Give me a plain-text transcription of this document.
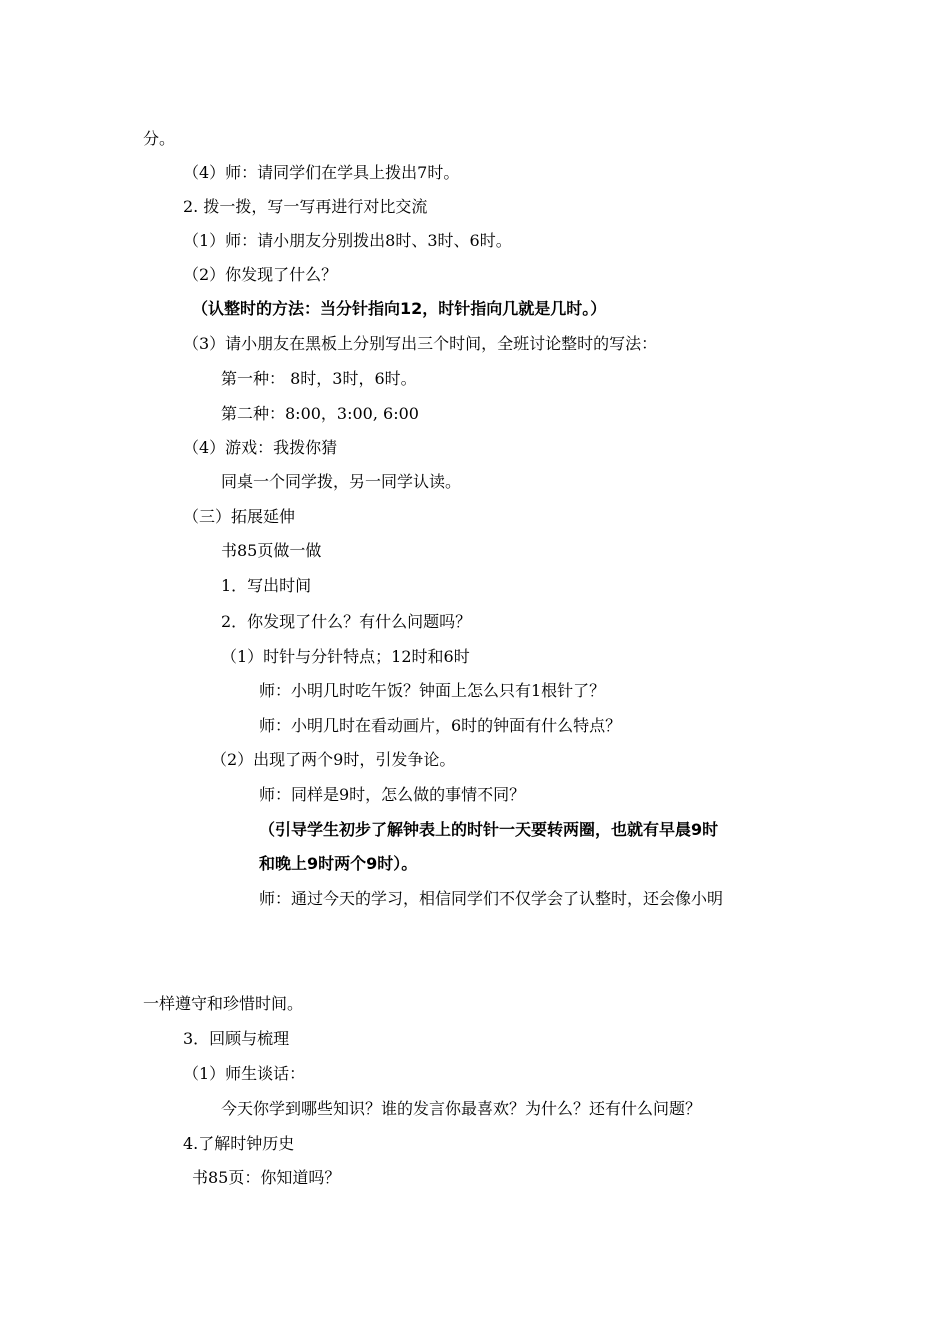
分。
（4）师：请同学们在学具上拨出7时。
2. 拨一拨，写一写再进行对比交流
（1）师：请小朋友分别拨出8时、3时、6时。
（2）你发现了什么？
（认整时的方法：当分针指向12，时针指向几就是几时。）
（3）请小朋友在黑板上分别写出三个时间，全班讨论整时的写法：
第一种： 8时，3时，6时。
第二种：8:00，3:00, 6:00
（4）游戏：我拨你猜
同桌一个同学拨，另一同学认读。
（三）拓展延伸
书85页做一做
1．写出时间
2．你发现了什么？有什么问题吗？
（1）时针与分针特点；12时和6时
师：小明几时吃午饭？钟面上怎么只有1根针了？
师：小明几时在看动画片，6时的钟面有什么特点？
（2）出现了两个9时，引发争论。
师：同样是9时，怎么做的事情不同？
（引导学生初步了解钟表上的时针一天要转两圈，也就有早晨9时
和晚上9时两个9时）。
师：通过今天的学习，相信同学们不仅学会了认整时，还会像小明
一样遵守和珍惜时间。
3．回顾与梳理
（1）师生谈话：
今天你学到哪些知识？谁的发言你最喜欢？为什么？还有什么问题？
4.了解时钟历史
书85页：你知道吗？
